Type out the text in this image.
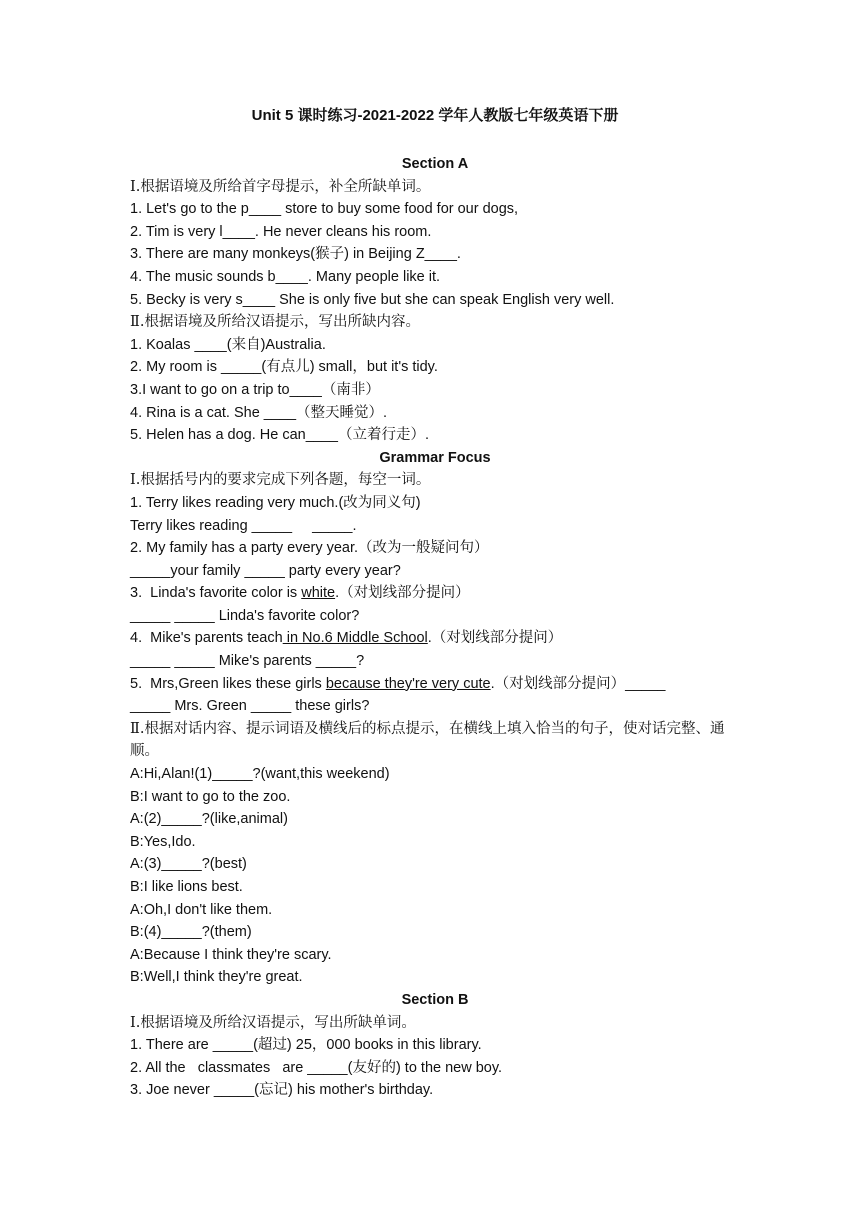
Unit 5 课时练习-2021-2022 学年人教版七年级英语下册
Section A
Ⅰ.根据语境及所给首字母提示，补全所缺单词。
1. Let's go to the p____ store to buy some food for our dogs,
2. Tim is very l____. He never cleans his room.
3. There are many monkeys(猴子) in Beijing Z____.
4. The music sounds b____. Many people like it.
5. Becky is very s____ She is only five but she can speak English very well.
Ⅱ.根据语境及所给汉语提示，写出所缺内容。
1. Koalas ____(来自)Australia.
2. My room is _____(有点儿) small，but it's tidy.
3.I want to go on a trip to____（南非）
4. Rina is a cat. She ____（整天睡觉）.
5. Helen has a dog. He can____（立着行走）.
Grammar Focus
Ⅰ.根据括号内的要求完成下列各题，每空一词。
1. Terry likes reading very much.(改为同义句)
Terry likes reading _____     _____.
2. My family has a party every year.（改为一般疑问句）
_____your family _____ party every year?
3.  Linda's favorite color is white.（对划线部分提问）
_____ _____ Linda's favorite color?
4.  Mike's parents teach in No.6 Middle School.（对划线部分提问）
_____ _____ Mike's parents _____?
5.  Mrs,Green likes these girls because they're very cute.（对划线部分提问）_____
_____ Mrs. Green _____ these girls?
Ⅱ.根据对话内容、提示词语及横线后的标点提示，在横线上填入恰当的句子，使对话完整、通顺。
A:Hi,Alan!(1)_____?(want,this weekend)
B:I want to go to the zoo.
A:(2)_____?(like,animal)
B:Yes,Ido.
A:(3)_____?(best)
B:I like lions best.
A:Oh,I don't like them.
B:(4)_____?(them)
A:Because I think they're scary.
B:Well,I think they're great.
Section B
Ⅰ.根据语境及所给汉语提示，写出所缺单词。
1. There are _____(超过) 25，000 books in this library.
2. All the   classmates   are _____(友好的) to the new boy.
3. Joe never _____(忘记) his mother's birthday.
